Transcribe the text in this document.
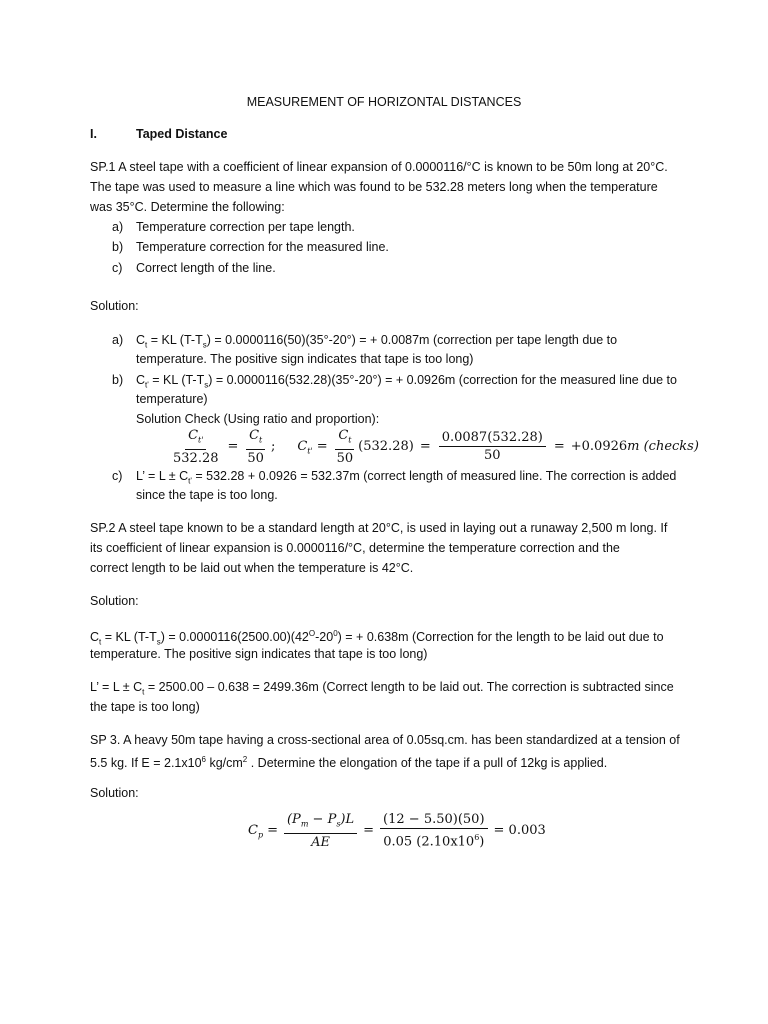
MEASUREMENT OF HORIZONTAL DISTANCES
I.	Taped Distance
SP.1 A steel tape with a coefficient of linear expansion of 0.0000116/°C is known to be 50m long at 20°C.
The tape was used to measure a line which was found to be 532.28 meters long when the temperature
was 35°C. Determine the following:
a) Temperature correction per tape length.
b) Temperature correction for the measured line.
c) Correct length of the line.
Solution:
a) $C_t$ = KL $(T-T_s) = 0.0000116(50)(35^\circ-20^\circ)$ = + 0.0087m (correction per tape length due to
temperature. The positive sign indicates that tape is too long)
b) $C_{t'}$ = KL $(T-T_s) = 0.0000116(532.28)(35^\circ-20^\circ)$ = + 0.0926m (correction for the measured line due to
temperature)
Solution Check (Using ratio and proportion):
$\frac{C_{t'}}{532.28} = \frac{C_t}{50}$ ; $C_{t'} = \frac{C_t}{50} (532.28) = \frac{0.0087(532.28)}{50} = +0.0926$ m (checks)
c) L’ = $L \pm C_{t'} = 532.28 + 0.0926 = 532.37m$ (correct length of measured line. The correction is added
since the tape is too long.
SP.2 A steel tape known to be a standard length at 20°C, is used in laying out a runaway 2,500 m long. If
its coefficient of linear expansion is 0.0000116/°C, determine the temperature correction and the
correct length to be laid out when the temperature is 42°C.
Solution:
$C_t$ = KL $(T-T_s) = 0.0000116(2500.00)(42^O-20^0)$ = + 0.638m (Correction for the length to be laid out due to
temperature. The positive sign indicates that tape is too long)
L’ = $L \pm C_t = 2500.00 - 0.638 = 2499.36m$ (Correct length to be laid out. The correction is subtracted since
the tape is too long)
SP 3. A heavy 50m tape having a cross-sectional area of 0.05sq.cm. has been standardized at a tension of
5.5 kg. If $E = 2.1x10^6$ $kg/cm^2$ . Determine the elongation of the tape if a pull of 12kg is applied.
Solution:
$C_p = \frac{(P_m - P_s)L}{AE} = \frac{(12 - 5.50)(50)}{0.05 (2.10x10^6)} = 0.003$
